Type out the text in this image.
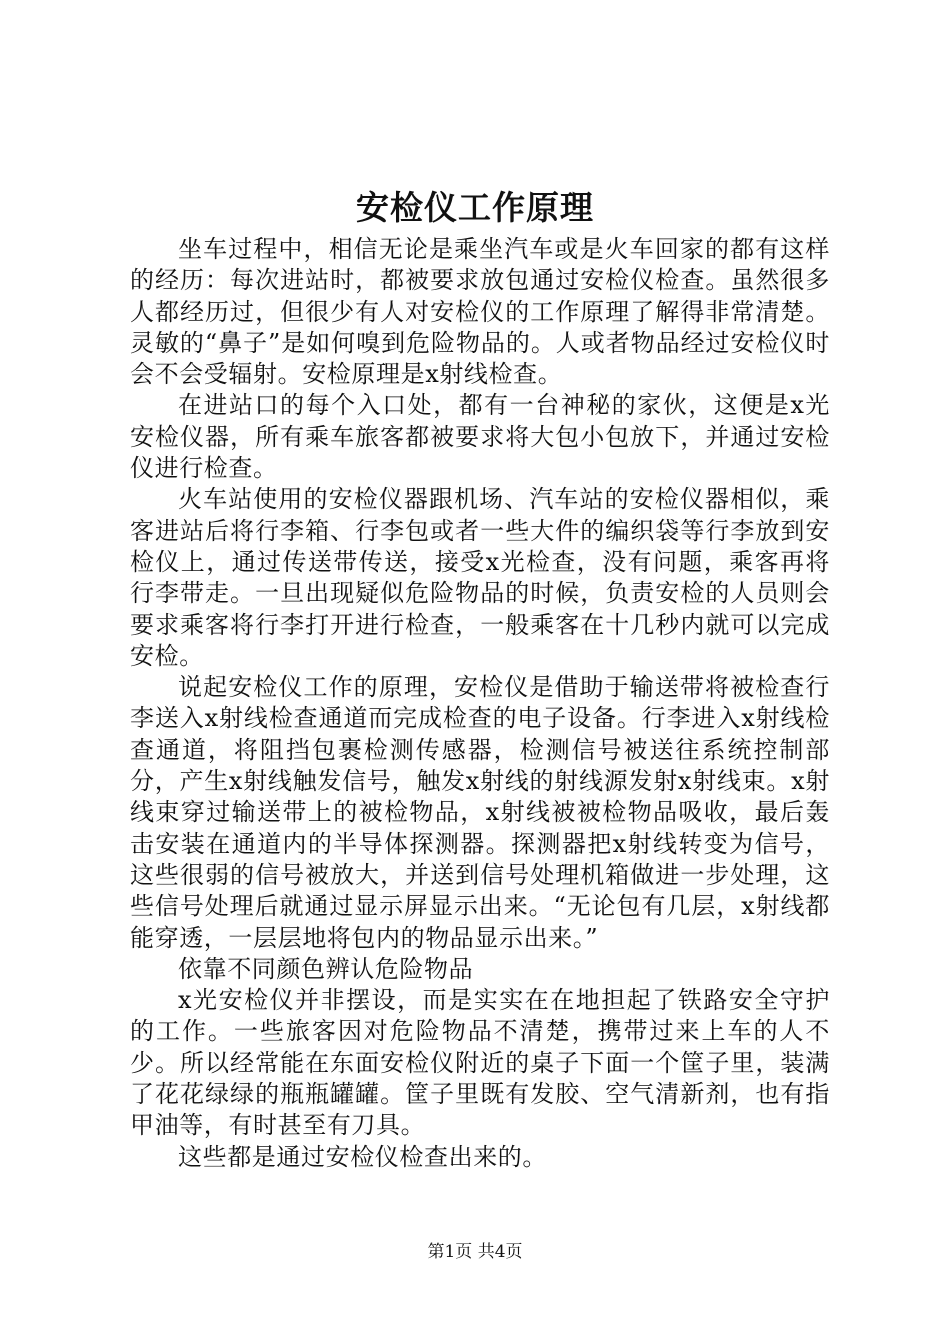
安检仪工作原理

坐车过程中，相信无论是乘坐汽车或是火车回家的都有这样的经历：每次进站时，都被要求放包通过安检仪检查。虽然很多人都经历过，但很少有人对安检仪的工作原理了解得非常清楚。灵敏的“鼻子”是如何嗅到危险物品的。人或者物品经过安检仪时会不会受辐射。安检原理是x射线检查。

在进站口的每个入口处，都有一台神秘的家伙，这便是x光安检仪器，所有乘车旅客都被要求将大包小包放下，并通过安检仪进行检查。

火车站使用的安检仪器跟机场、汽车站的安检仪器相似，乘客进站后将行李箱、行李包或者一些大件的编织袋等行李放到安检仪上，通过传送带传送，接受x光检查，没有问题，乘客再将行李带走。一旦出现疑似危险物品的时候，负责安检的人员则会要求乘客将行李打开进行检查，一般乘客在十几秒内就可以完成安检。

说起安检仪工作的原理，安检仪是借助于输送带将被检查行李送入x射线检查通道而完成检查的电子设备。行李进入x射线检查通道，将阻挡包裹检测传感器，检测信号被送往系统控制部分，产生x射线触发信号，触发x射线的射线源发射x射线束。x射线束穿过输送带上的被检物品，x射线被被检物品吸收，最后轰击安装在通道内的半导体探测器。探测器把x射线转变为信号，这些很弱的信号被放大，并送到信号处理机箱做进一步处理，这些信号处理后就通过显示屏显示出来。“无论包有几层，x射线都能穿透，一层层地将包内的物品显示出来。”

依靠不同颜色辨认危险物品

x光安检仪并非摆设，而是实实在在地担起了铁路安全守护的工作。一些旅客因对危险物品不清楚，携带过来上车的人不少。所以经常能在东面安检仪附近的桌子下面一个筐子里，装满了花花绿绿的瓶瓶罐罐。筐子里既有发胶、空气清新剂，也有指甲油等，有时甚至有刀具。

这些都是通过安检仪检查出来的。

第1页 共4页
